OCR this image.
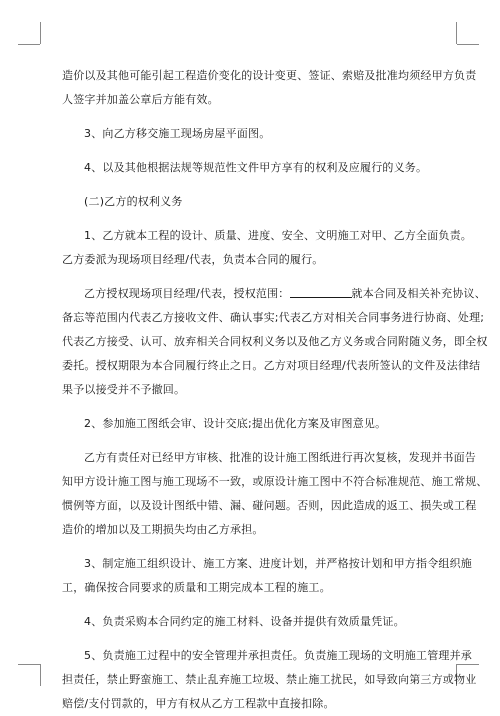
造价以及其他可能引起工程造价变化的设计变更、签证、索赔及批准均须经甲方负责
人签字并加盖公章后方能有效。
3、向乙方移交施工现场房屋平面图。
4、以及其他根据法规等规范性文件甲方享有的权利及应履行的义务。
(二)乙方的权利义务
1、乙方就本工程的设计、质量、进度、安全、文明施工对甲、乙方全面负责。
乙方委派为现场项目经理/代表，负责本合同的履行。
乙方授权现场项目经理/代表，授权范围：	就本合同及相关补充协议、
备忘等范围内代表乙方接收文件、确认事实;代表乙方对相关合同事务进行协商、处理;
代表乙方接受、认可、放弃相关合同权利义务以及他乙方义务或合同附随义务，即全权
委托。授权期限为本合同履行终止之日。乙方对项目经理/代表所签认的文件及法律结
果予以接受并不予撤回。
2、参加施工图纸会审、设计交底;提出优化方案及审图意见。
乙方有责任对已经甲方审核、批准的设计施工图纸进行再次复核，发现并书面告
知甲方设计施工图与施工现场不一致，或原设计施工图中不符合标准规范、施工常规、
惯例等方面，以及设计图纸中错、漏、碰问题。否则，因此造成的返工、损失或工程
造价的增加以及工期损失均由乙方承担。
3、制定施工组织设计、施工方案、进度计划，并严格按计划和甲方指令组织施
工，确保按合同要求的质量和工期完成本工程的施工。
4、负责采购本合同约定的施工材料、设备并提供有效质量凭证。
5、负责施工过程中的安全管理并承担责任。负责施工现场的文明施工管理并承
担责任，禁止野蛮施工、禁止乱弃施工垃圾、禁止施工扰民，如导致向第三方或物业
赔偿/支付罚款的，甲方有权从乙方工程款中直接扣除。
